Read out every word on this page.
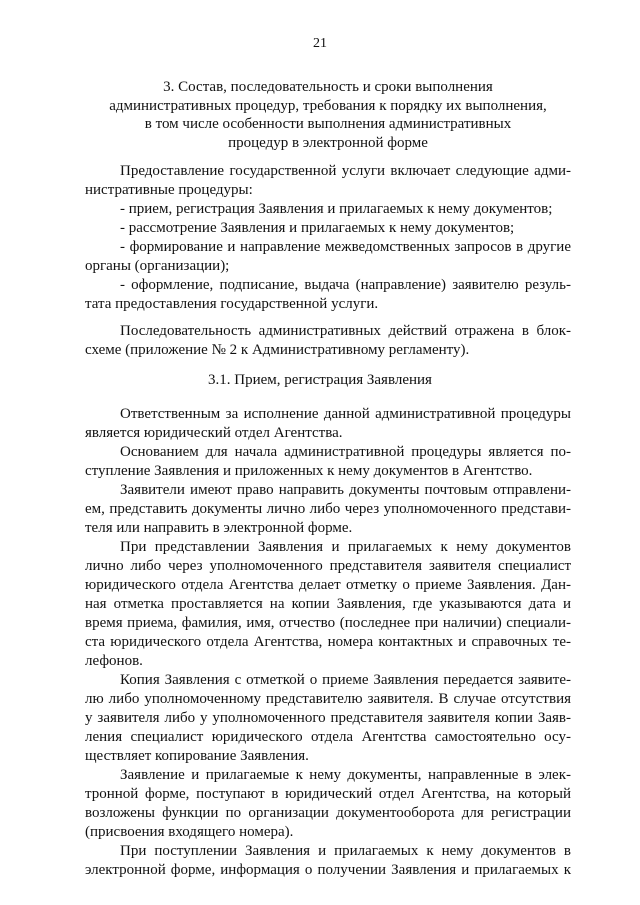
21
3. Состав, последовательность и сроки выполнения
административных процедур, требования к порядку их выполнения,
в том числе особенности выполнения административных
процедур в электронной форме
Предоставление государственной услуги включает следующие адми-
нистративные процедуры:
- прием, регистрация Заявления и прилагаемых к нему документов;
- рассмотрение Заявления и прилагаемых к нему документов;
- формирование и направление межведомственных запросов в другие
органы (организации);
- оформление, подписание, выдача (направление) заявителю резуль-
тата предоставления государственной услуги.
Последовательность административных действий отражена в блок-
схеме (приложение № 2 к Административному регламенту).
3.1. Прием, регистрация Заявления
Ответственным за исполнение данной административной процедуры
является юридический отдел Агентства.
Основанием для начала административной процедуры является по-
ступление Заявления и приложенных к нему документов в Агентство.
Заявители имеют право направить документы почтовым отправлени-
ем, представить документы лично либо через уполномоченного представи-
теля или направить в электронной форме.
При представлении Заявления и прилагаемых к нему документов
лично либо через уполномоченного представителя заявителя специалист
юридического отдела Агентства делает отметку о приеме Заявления. Дан-
ная отметка проставляется на копии Заявления, где указываются дата и
время приема, фамилия, имя, отчество (последнее при наличии) специали-
ста юридического отдела Агентства, номера контактных и справочных те-
лефонов.
Копия Заявления с отметкой о приеме Заявления передается заявите-
лю либо уполномоченному представителю заявителя. В случае отсутствия
у заявителя либо у уполномоченного представителя заявителя копии Заяв-
ления специалист юридического отдела Агентства самостоятельно осу-
ществляет копирование Заявления.
Заявление и прилагаемые к нему документы, направленные в элек-
тронной форме, поступают в юридический отдел Агентства, на который
возложены функции по организации документооборота для регистрации
(присвоения входящего номера).
При поступлении Заявления и прилагаемых к нему документов в
электронной форме, информация о получении Заявления и прилагаемых к
